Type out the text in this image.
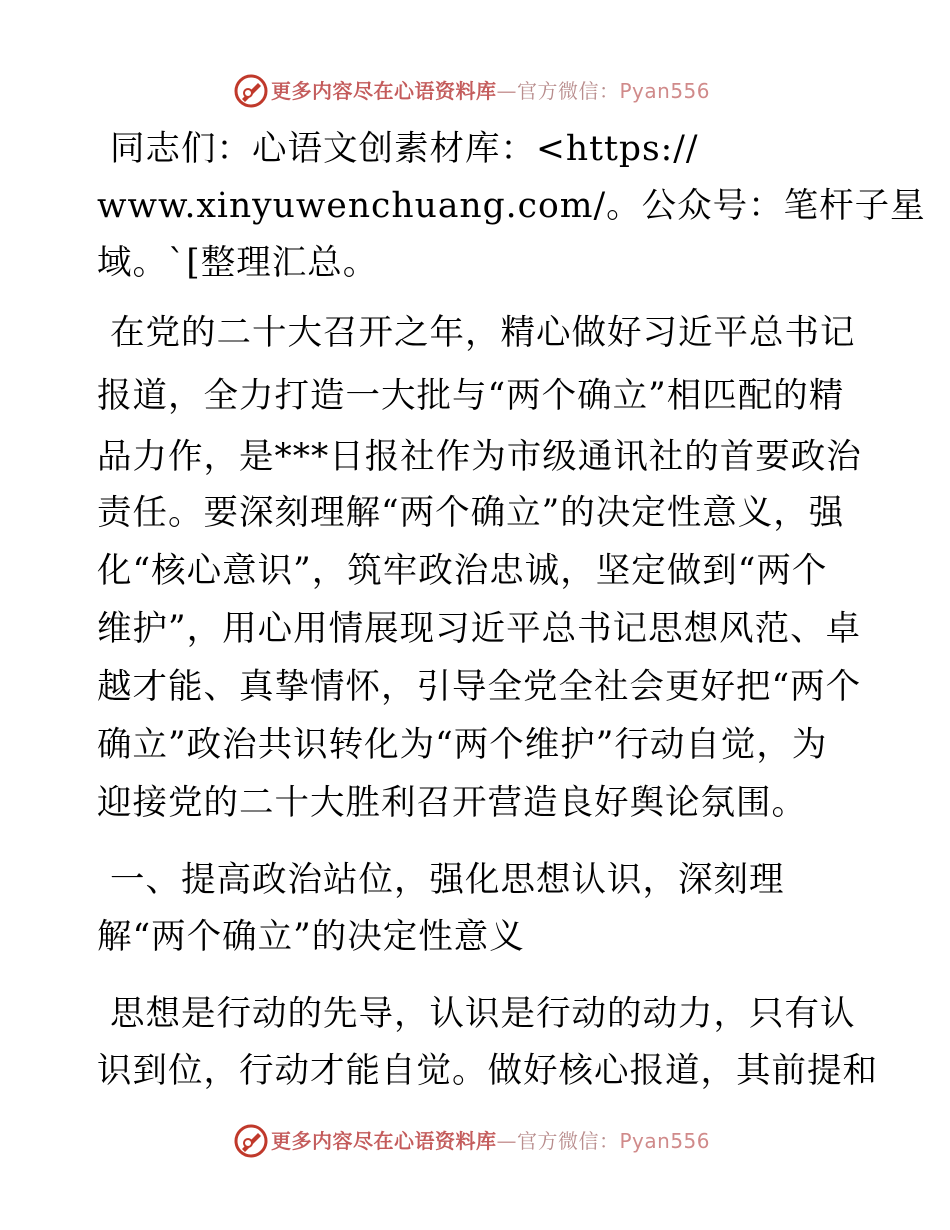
更多内容尽在心语资料库—官方微信：Pyan556
同志们：心语文创素材库：<https://
www.xinyuwenchuang.com/。公众号：笔杆子星
域。`[整理汇总。
在党的二十大召开之年，精心做好习近平总书记
报道，全力打造一大批与“两个确立”相匹配的精
品力作，是***日报社作为市级通讯社的首要政治
责任。要深刻理解“两个确立”的决定性意义，强
化“核心意识”，筑牢政治忠诚，坚定做到“两个
维护”，用心用情展现习近平总书记思想风范、卓
越才能、真挚情怀，引导全党全社会更好把“两个
确立”政治共识转化为“两个维护”行动自觉，为
迎接党的二十大胜利召开营造良好舆论氛围。
一、提高政治站位，强化思想认识，深刻理
解“两个确立”的决定性意义
思想是行动的先导，认识是行动的动力，只有认
识到位，行动才能自觉。做好核心报道，其前提和
更多内容尽在心语资料库—官方微信：Pyan556
